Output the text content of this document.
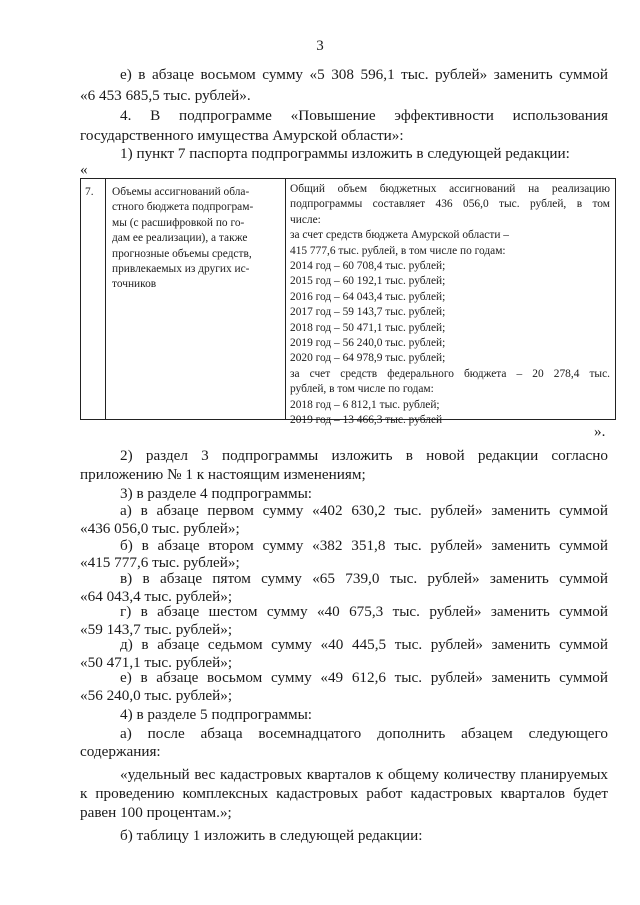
3
е) в абзаце восьмом сумму «5 308 596,1 тыс. рублей» заменить суммой
«6 453 685,5 тыс. рублей».
4. В подпрограмме «Повышение эффективности использования
государственного имущества Амурской области»:
1) пункт 7 паспорта подпрограммы изложить в следующей редакции:
«
7. Объемы ассигнований обла-
стного бюджета подпрограм-
мы (с расшифровкой по го-
дам ее реализации), а также
прогнозные объемы средств,
привлекаемых из других ис-
точников
Общий объем бюджетных ассигнований на реализацию
подпрограммы составляет 436 056,0 тыс. рублей, в том
числе:
за счет средств бюджета Амурской области –
415 777,6 тыс. рублей, в том числе по годам:
2014 год – 60 708,4 тыс. рублей;
2015 год – 60 192,1 тыс. рублей;
2016 год – 64 043,4 тыс. рублей;
2017 год – 59 143,7 тыс. рублей;
2018 год – 50 471,1 тыс. рублей;
2019 год – 56 240,0 тыс. рублей;
2020 год – 64 978,9 тыс. рублей;
за счет средств федерального бюджета – 20 278,4 тыс.
рублей, в том числе по годам:
2018 год – 6 812,1 тыс. рублей;
2019 год – 13 466,3 тыс. рублей
».
2) раздел 3 подпрограммы изложить в новой редакции согласно
приложению № 1 к настоящим изменениям;
3) в разделе 4 подпрограммы:
а) в абзаце первом сумму «402 630,2 тыс. рублей» заменить суммой
«436 056,0 тыс. рублей»;
б) в абзаце втором сумму «382 351,8 тыс. рублей» заменить суммой
«415 777,6 тыс. рублей»;
в) в абзаце пятом сумму «65 739,0 тыс. рублей» заменить суммой
«64 043,4 тыс. рублей»;
г) в абзаце шестом сумму «40 675,3 тыс. рублей» заменить суммой
«59 143,7 тыс. рублей»;
д) в абзаце седьмом сумму «40 445,5 тыс. рублей» заменить суммой
«50 471,1 тыс. рублей»;
е) в абзаце восьмом сумму «49 612,6 тыс. рублей» заменить суммой
«56 240,0 тыс. рублей»;
4) в разделе 5 подпрограммы:
а) после абзаца восемнадцатого дополнить абзацем следующего
содержания:
«удельный вес кадастровых кварталов к общему количеству планируемых
к проведению комплексных кадастровых работ кадастровых кварталов будет
равен 100 процентам.»;
б) таблицу 1 изложить в следующей редакции:
